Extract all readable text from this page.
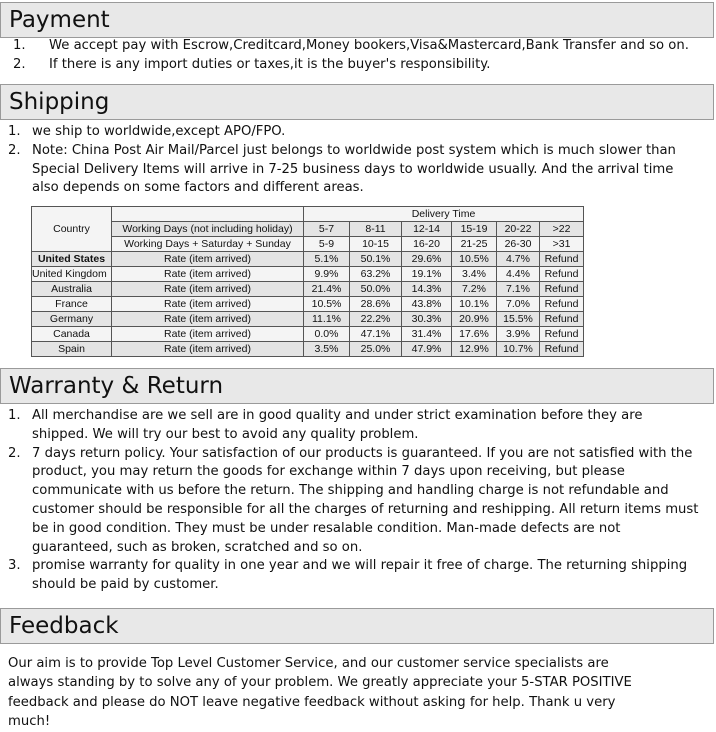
Payment
1.	We accept pay with Escrow,Creditcard,Money bookers,Visa&Mastercard,Bank Transfer and so on.
2.	If there is any import duties or taxes,it is the buyer's responsibility.
Shipping
1. we ship to worldwide,except APO/FPO.
2. Note: China Post Air Mail/Parcel just belongs to worldwide post system which is much slower than Special Delivery Items will arrive in 7-25 business days to worldwide usually. And the arrival time also depends on some factors and different areas.
Country		Delivery Time					
	Working Days (not including holiday)	5-7	8-11	12-14	15-19	20-22	>22
	Working Days + Saturday + Sunday	5-9	10-15	16-20	21-25	26-30	>31
United States	Rate (item arrived)	5.1%	50.1%	29.6%	10.5%	4.7%	Refund
United Kingdom	Rate (item arrived)	9.9%	63.2%	19.1%	3.4%	4.4%	Refund
Australia	Rate (item arrived)	21.4%	50.0%	14.3%	7.2%	7.1%	Refund
France	Rate (item arrived)	10.5%	28.6%	43.8%	10.1%	7.0%	Refund
Germany	Rate (item arrived)	11.1%	22.2%	30.3%	20.9%	15.5%	Refund
Canada	Rate (item arrived)	0.0%	47.1%	31.4%	17.6%	3.9%	Refund
Spain	Rate (item arrived)	3.5%	25.0%	47.9%	12.9%	10.7%	Refund
Warranty & Return
1. All merchandise are we sell are in good quality and under strict examination before they are shipped. We will try our best to avoid any quality problem.
2. 7 days return policy. Your satisfaction of our products is guaranteed. If you are not satisfied with the product, you may return the goods for exchange within 7 days upon receiving, but please communicate with us before the return. The shipping and handling charge is not refundable and customer should be responsible for all the charges of returning and reshipping. All return items must be in good condition. They must be under resalable condition. Man-made defects are not guaranteed, such as broken, scratched and so on.
3. promise warranty for quality in one year and we will repair it free of charge. The returning shipping should be paid by customer.
Feedback
Our aim is to provide Top Level Customer Service, and our customer service specialists are always standing by to solve any of your problem. We greatly appreciate your 5-STAR POSITIVE feedback and please do NOT leave negative feedback without asking for help. Thank u very much!
